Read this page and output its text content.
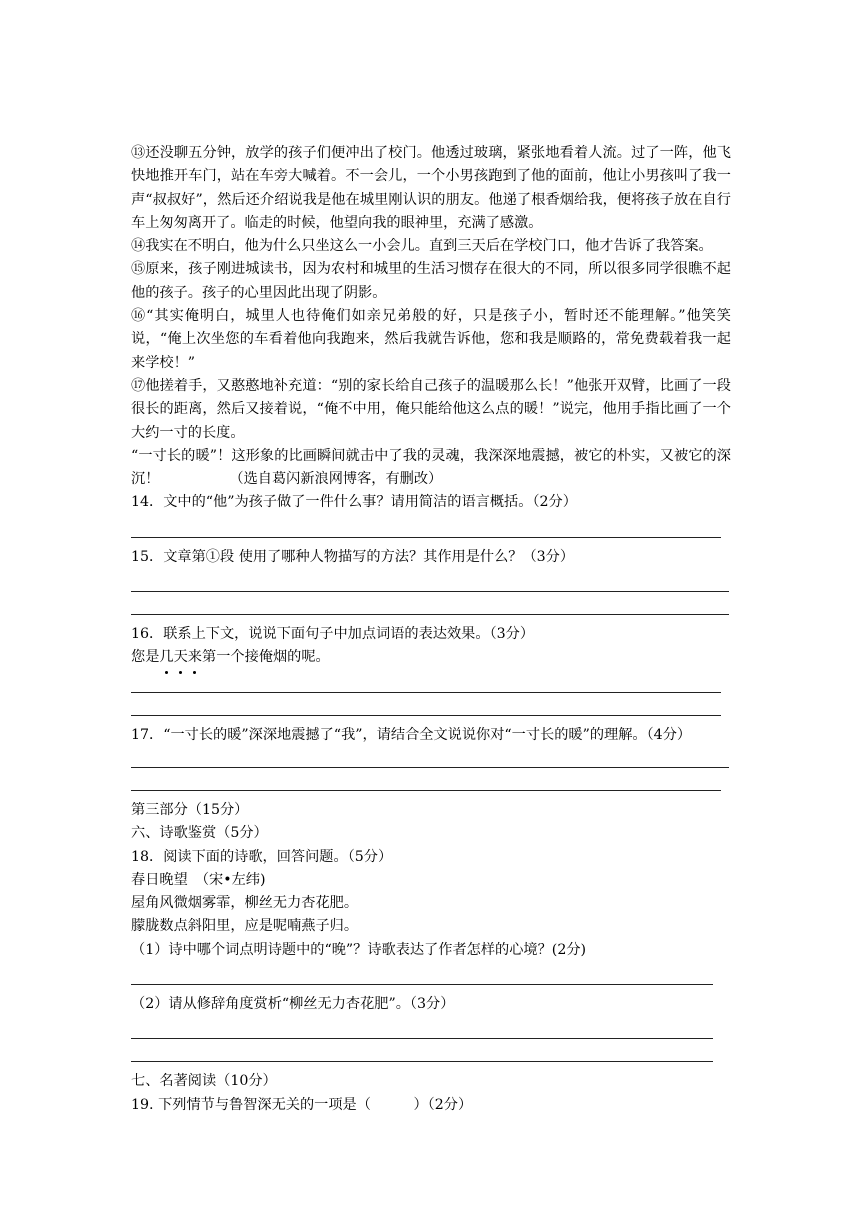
⑬还没聊五分钟，放学的孩子们便冲出了校门。他透过玻璃，紧张地看着人流。过了一阵，他飞快地推开车门，站在车旁大喊着。不一会儿，一个小男孩跑到了他的面前，他让小男孩叫了我一声“叔叔好”，然后还介绍说我是他在城里刚认识的朋友。他递了根香烟给我，便将孩子放在自行车上匆匆离开了。临走的时候，他望向我的眼神里，充满了感激。
⑭我实在不明白，他为什么只坐这么一小会儿。直到三天后在学校门口，他才告诉了我答案。
⑮原来，孩子刚进城读书，因为农村和城里的生活习惯存在很大的不同，所以很多同学很瞧不起他的孩子。孩子的心里因此出现了阴影。
⑯“其实俺明白，城里人也待俺们如亲兄弟般的好，只是孩子小，暂时还不能理解。”他笑笑说，“俺上次坐您的车看着他向我跑来，然后我就告诉他，您和我是顺路的，常免费载着我一起来学校！”
⑰他搓着手，又憨憨地补充道：“别的家长给自己孩子的温暖那么长！”他张开双臂，比画了一段很长的距离，然后又接着说，“俺不中用，俺只能给他这么点的暖！”说完，他用手指比画了一个大约一寸的长度。
“一寸长的暖”！这形象的比画瞬间就击中了我的灵魂，我深深地震撼，被它的朴实，又被它的深沉！	（选自葛闪新浪网博客，有删改）
14．文中的“他”为孩子做了一件什么事？请用简洁的语言概括。（2分）
15．文章第①段 使用了哪种人物描写的方法？其作用是什么？（3分）
16．联系上下文，说说下面句子中加点词语的表达效果。（3分）
您是几天来第一个接俺烟的呢。
17．“一寸长的暖”深深地震撼了“我”，请结合全文说说你对“一寸长的暖”的理解。（4分）
第三部分（15分）
六、诗歌鉴赏（5分）
18．阅读下面的诗歌，回答问题。（5分）
春日晚望　（宋•左纬)
屋角风微烟雾霏，柳丝无力杏花肥。
朦胧数点斜阳里，应是呢喃燕子归。
（1）诗中哪个词点明诗题中的“晚”？诗歌表达了作者怎样的心境？(2分)
（2）请从修辞角度赏析“柳丝无力杏花肥”。（3分）
七、名著阅读（10分）
19. 下列情节与鲁智深无关的一项是（　　　）（2分）
